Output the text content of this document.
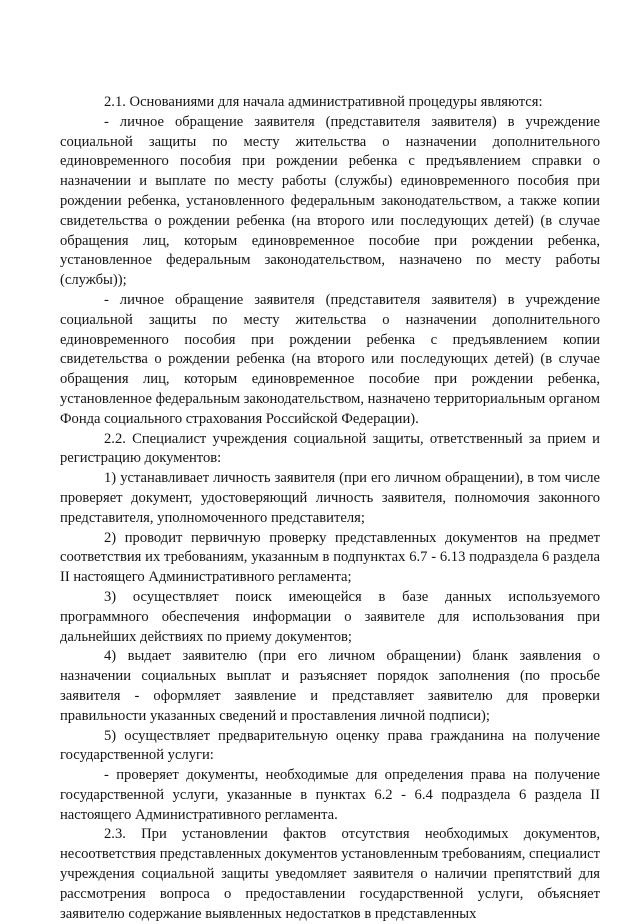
2.1. Основаниями для начала административной процедуры являются:

- личное обращение заявителя (представителя заявителя) в учреждение социальной защиты по месту жительства о назначении дополнительного единовременного пособия при рождении ребенка с предъявлением справки о назначении и выплате по месту работы (службы) единовременного пособия при рождении ребенка, установленного федеральным законодательством, а также копии свидетельства о рождении ребенка (на второго или последующих детей) (в случае обращения лиц, которым единовременное пособие при рождении ребенка, установленное федеральным законодательством, назначено по месту работы (службы));

- личное обращение заявителя (представителя заявителя) в учреждение социальной защиты по месту жительства о назначении дополнительного единовременного пособия при рождении ребенка с предъявлением копии свидетельства о рождении ребенка (на второго или последующих детей) (в случае обращения лиц, которым единовременное пособие при рождении ребенка, установленное федеральным законодательством, назначено территориальным органом Фонда социального страхования Российской Федерации).

2.2. Специалист учреждения социальной защиты, ответственный за прием и регистрацию документов:

1) устанавливает личность заявителя (при его личном обращении), в том числе проверяет документ, удостоверяющий личность заявителя, полномочия законного представителя, уполномоченного представителя;

2) проводит первичную проверку представленных документов на предмет соответствия их требованиям, указанным в подпунктах 6.7 - 6.13 подраздела 6 раздела II настоящего Административного регламента;

3) осуществляет поиск имеющейся в базе данных используемого программного обеспечения информации о заявителе для использования при дальнейших действиях по приему документов;

4) выдает заявителю (при его личном обращении) бланк заявления о назначении социальных выплат и разъясняет порядок заполнения (по просьбе заявителя - оформляет заявление и представляет заявителю для проверки правильности указанных сведений и проставления личной подписи);

5) осуществляет предварительную оценку права гражданина на получение государственной услуги:

- проверяет документы, необходимые для определения права на получение государственной услуги, указанные в пунктах 6.2 - 6.4 подраздела 6 раздела II настоящего Административного регламента.

2.3. При установлении фактов отсутствия необходимых документов, несоответствия представленных документов установленным требованиям, специалист учреждения социальной защиты уведомляет заявителя о наличии препятствий для рассмотрения вопроса о предоставлении государственной услуги, объясняет заявителю содержание выявленных недостатков в представленных
